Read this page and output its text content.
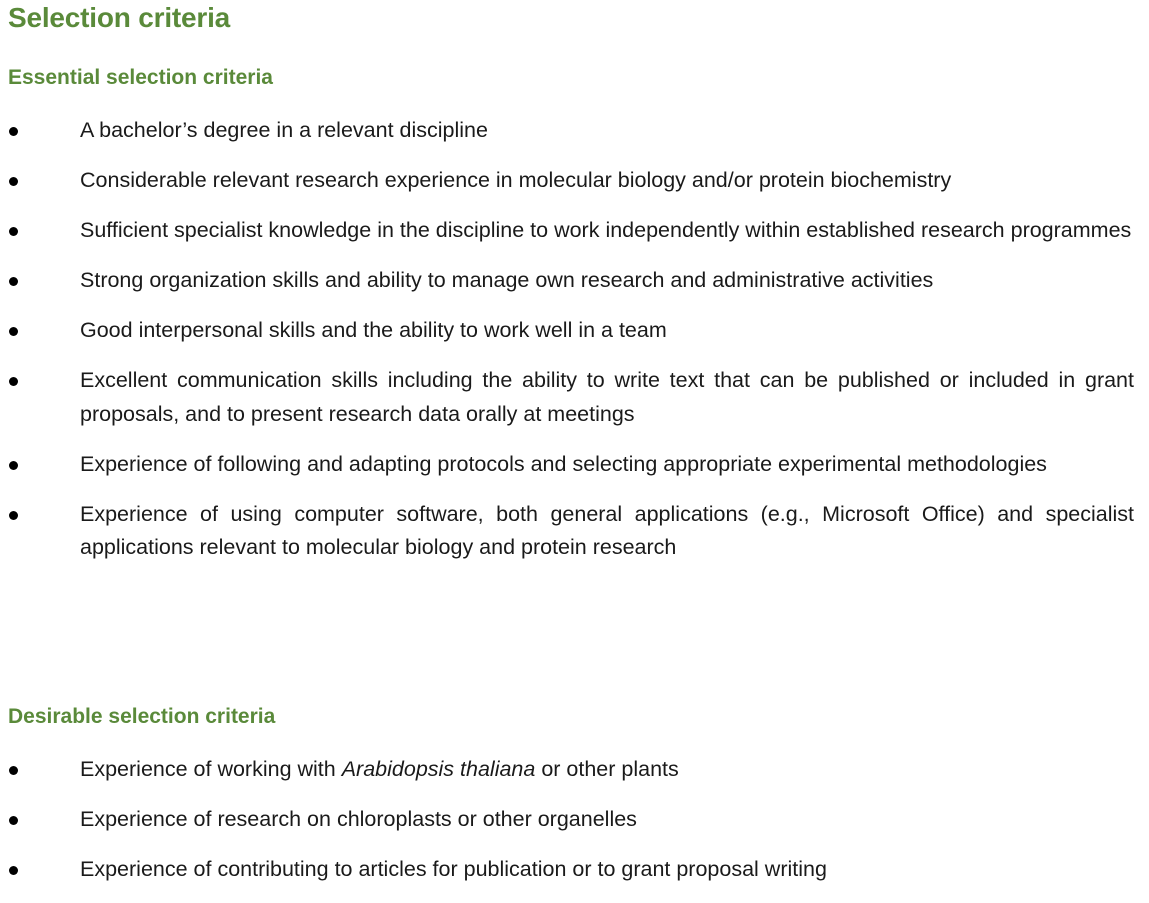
Selection criteria
Essential selection criteria
A bachelor’s degree in a relevant discipline
Considerable relevant research experience in molecular biology and/or protein biochemistry
Sufficient specialist knowledge in the discipline to work independently within established research programmes
Strong organization skills and ability to manage own research and administrative activities
Good interpersonal skills and the ability to work well in a team
Excellent communication skills including the ability to write text that can be published or included in grant proposals, and to present research data orally at meetings
Experience of following and adapting protocols and selecting appropriate experimental methodologies
Experience of using computer software, both general applications (e.g., Microsoft Office) and specialist applications relevant to molecular biology and protein research
Desirable selection criteria
Experience of working with Arabidopsis thaliana or other plants
Experience of research on chloroplasts or other organelles
Experience of contributing to articles for publication or to grant proposal writing
